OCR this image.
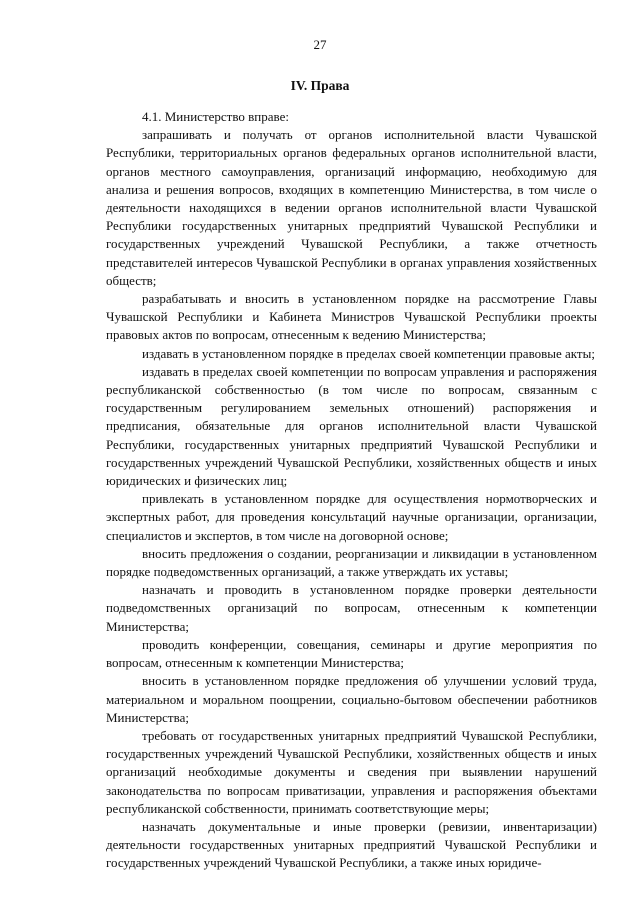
27
IV. Права

4.1. Министерство вправе:

запрашивать и получать от органов исполнительной власти Чувашской Республики, территориальных органов федеральных органов исполнительной власти, органов местного самоуправления, организаций информацию, необходимую для анализа и решения вопросов, входящих в компетенцию Министерства, в том числе о деятельности находящихся в ведении органов исполнительной власти Чувашской Республики государственных унитарных предприятий Чувашской Республики и государственных учреждений Чувашской Республики, а также отчетность представителей интересов Чувашской Республики в органах управления хозяйственных обществ;

разрабатывать и вносить в установленном порядке на рассмотрение Главы Чувашской Республики и Кабинета Министров Чувашской Республики проекты правовых актов по вопросам, отнесенным к ведению Министерства;

издавать в установленном порядке в пределах своей компетенции правовые акты;

издавать в пределах своей компетенции по вопросам управления и распоряжения республиканской собственностью (в том числе по вопросам, связанным с государственным регулированием земельных отношений) распоряжения и предписания, обязательные для органов исполнительной власти Чувашской Республики, государственных унитарных предприятий Чувашской Республики и государственных учреждений Чувашской Республики, хозяйственных обществ и иных юридических и физических лиц;

привлекать в установленном порядке для осуществления нормотворческих и экспертных работ, для проведения консультаций научные организации, организации, специалистов и экспертов, в том числе на договорной основе;

вносить предложения о создании, реорганизации и ликвидации в установленном порядке подведомственных организаций, а также утверждать их уставы;

назначать и проводить в установленном порядке проверки деятельности подведомственных организаций по вопросам, отнесенным к компетенции Министерства;

проводить конференции, совещания, семинары и другие мероприятия по вопросам, отнесенным к компетенции Министерства;

вносить в установленном порядке предложения об улучшении условий труда, материальном и моральном поощрении, социально-бытовом обеспечении работников Министерства;

требовать от государственных унитарных предприятий Чувашской Республики, государственных учреждений Чувашской Республики, хозяйственных обществ и иных организаций необходимые документы и сведения при выявлении нарушений законодательства по вопросам приватизации, управления и распоряжения объектами республиканской собственности, принимать соответствующие меры;

назначать документальные и иные проверки (ревизии, инвентаризации) деятельности государственных унитарных предприятий Чувашской Республики и государственных учреждений Чувашской Республики, а также иных юридиче-
